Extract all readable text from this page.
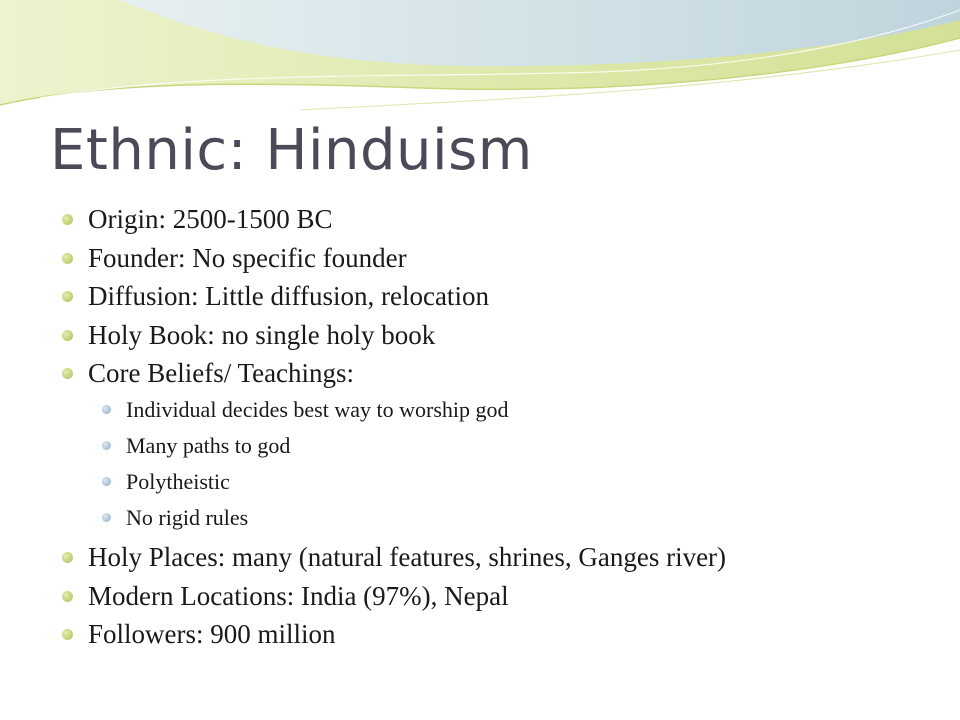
Ethnic: Hinduism
Origin: 2500-1500 BC
Founder: No specific founder
Diffusion: Little diffusion, relocation
Holy Book: no single holy book
Core Beliefs/ Teachings:
Individual decides best way to worship god
Many paths to god
Polytheistic
No rigid rules
Holy Places: many (natural features, shrines, Ganges river)
Modern Locations: India (97%), Nepal
Followers: 900 million
